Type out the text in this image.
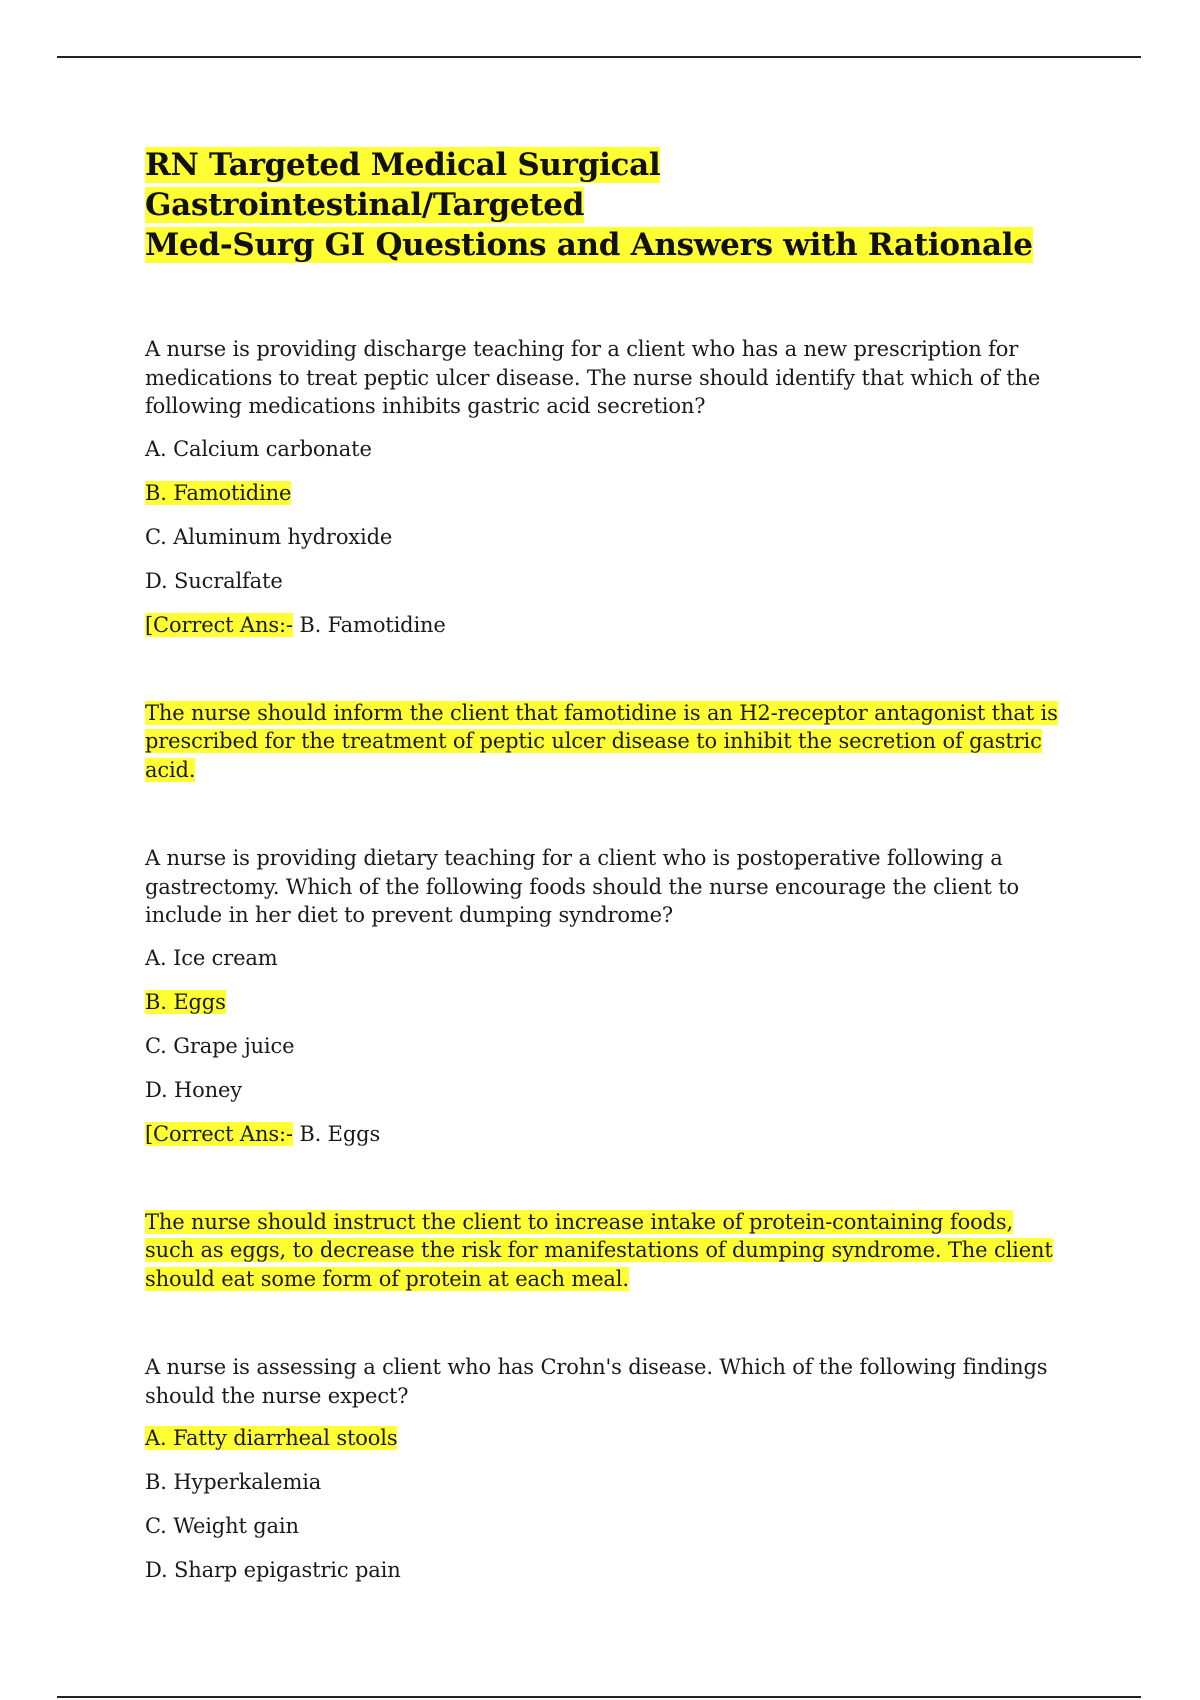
RN Targeted Medical Surgical Gastrointestinal/Targeted
Med-Surg GI Questions and Answers with Rationale

A nurse is providing discharge teaching for a client who has a new prescription for medications to treat peptic ulcer disease. The nurse should identify that which of the following medications inhibits gastric acid secretion?

A. Calcium carbonate

B. Famotidine

C. Aluminum hydroxide

D. Sucralfate

[Correct Ans:- B. Famotidine

The nurse should inform the client that famotidine is an H2-receptor antagonist that is prescribed for the treatment of peptic ulcer disease to inhibit the secretion of gastric acid.

A nurse is providing dietary teaching for a client who is postoperative following a gastrectomy. Which of the following foods should the nurse encourage the client to include in her diet to prevent dumping syndrome?

A. Ice cream

B. Eggs

C. Grape juice

D. Honey

[Correct Ans:- B. Eggs

The nurse should instruct the client to increase intake of protein-containing foods, such as eggs, to decrease the risk for manifestations of dumping syndrome. The client should eat some form of protein at each meal.

A nurse is assessing a client who has Crohn's disease. Which of the following findings should the nurse expect?

A. Fatty diarrheal stools

B. Hyperkalemia

C. Weight gain

D. Sharp epigastric pain
